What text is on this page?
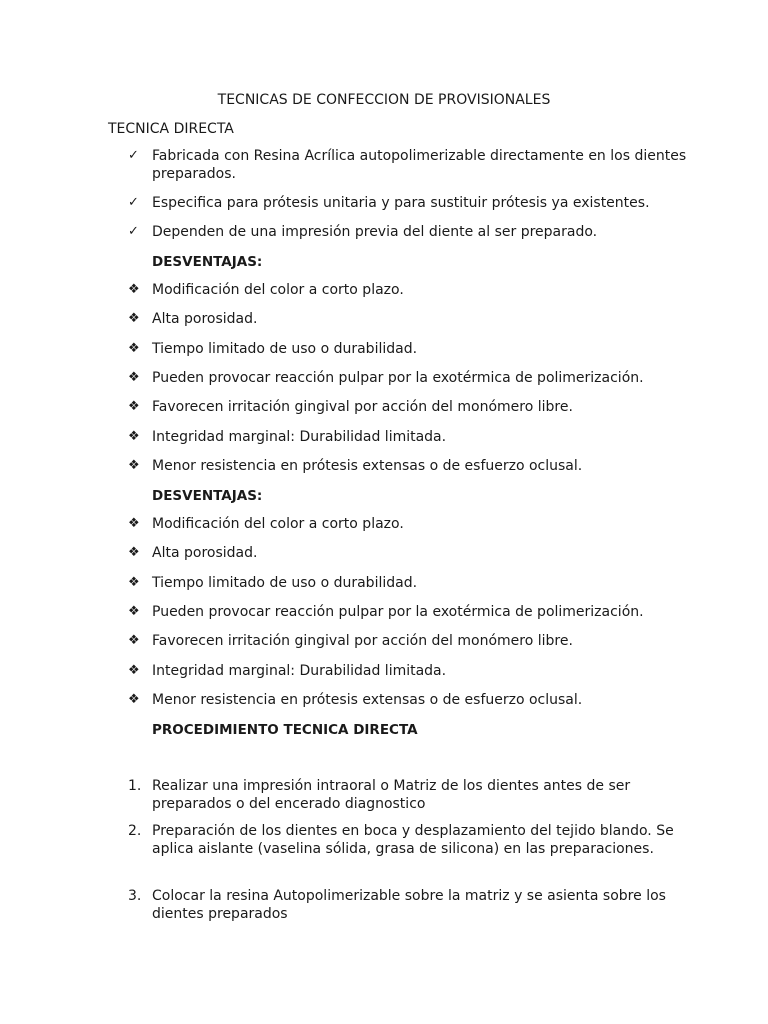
TECNICAS DE CONFECCION DE PROVISIONALES
TECNICA DIRECTA
✓ Fabricada con Resina Acrílica autopolimerizable directamente en los dientes preparados.
✓ Especifica para prótesis unitaria y para sustituir prótesis ya existentes.
✓ Dependen de una impresión previa del diente al ser preparado.
DESVENTAJAS:
❖ Modificación del color a corto plazo.
❖ Alta porosidad.
❖ Tiempo limitado de uso o durabilidad.
❖ Pueden provocar reacción pulpar por la exotérmica de polimerización.
❖ Favorecen irritación gingival por acción del monómero libre.
❖ Integridad marginal: Durabilidad limitada.
❖ Menor resistencia en prótesis extensas o de esfuerzo oclusal.
DESVENTAJAS:
❖ Modificación del color a corto plazo.
❖ Alta porosidad.
❖ Tiempo limitado de uso o durabilidad.
❖ Pueden provocar reacción pulpar por la exotérmica de polimerización.
❖ Favorecen irritación gingival por acción del monómero libre.
❖ Integridad marginal: Durabilidad limitada.
❖ Menor resistencia en prótesis extensas o de esfuerzo oclusal.
PROCEDIMIENTO TECNICA DIRECTA
1. Realizar una impresión intraoral o Matriz de los dientes antes de ser preparados o del encerado diagnostico
2. Preparación de los dientes en boca y desplazamiento del tejido blando. Se aplica aislante (vaselina sólida, grasa de silicona) en las preparaciones.
3. Colocar la resina Autopolimerizable sobre la matriz y se asienta sobre los dientes preparados
